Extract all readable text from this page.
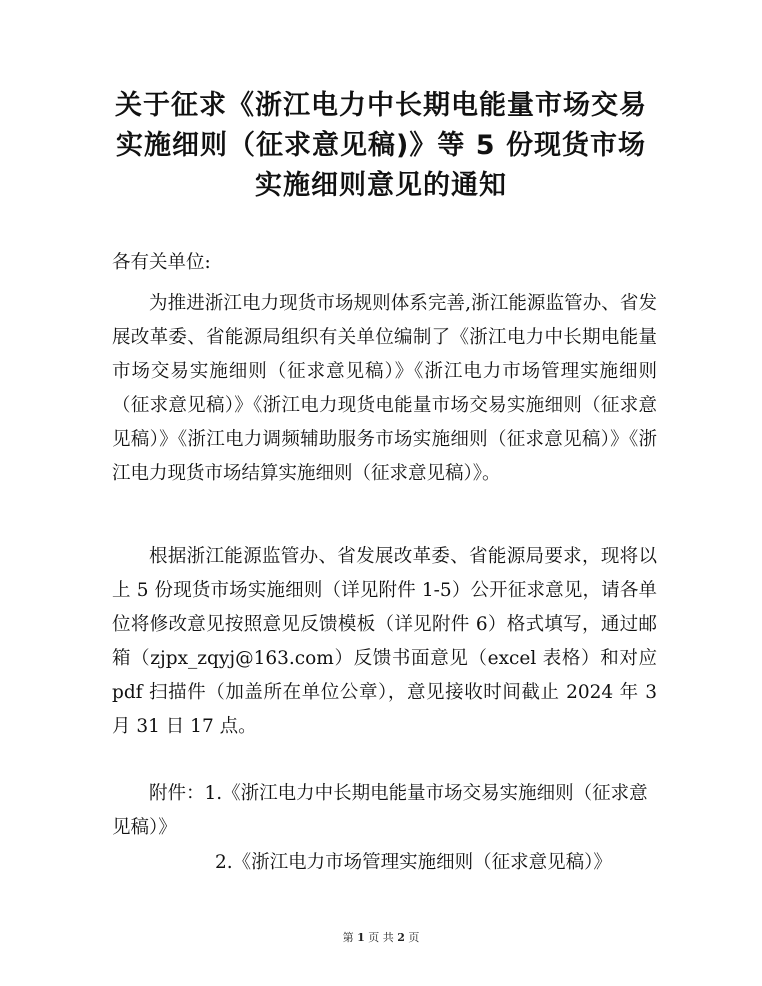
关于征求《浙江电力中长期电能量市场交易
实施细则（征求意见稿)》等 5 份现货市场
实施细则意见的通知
各有关单位:

为推进浙江电力现货市场规则体系完善,浙江能源监管办、省发展改革委、省能源局组织有关单位编制了《浙江电力中长期电能量市场交易实施细则（征求意见稿）》《浙江电力市场管理实施细则（征求意见稿）》《浙江电力现货电能量市场交易实施细则（征求意见稿）》《浙江电力调频辅助服务市场实施细则（征求意见稿）》《浙江电力现货市场结算实施细则（征求意见稿）》。

根据浙江能源监管办、省发展改革委、省能源局要求，现将以上 5 份现货市场实施细则（详见附件 1-5）公开征求意见，请各单位将修改意见按照意见反馈模板（详见附件 6）格式填写，通过邮箱（zjpx_zqyj@163.com）反馈书面意见（excel 表格）和对应 pdf 扫描件（加盖所在单位公章），意见接收时间截止 2024 年 3 月 31 日 17 点。

附件：1.《浙江电力中长期电能量市场交易实施细则（征求意见稿）》
2.《浙江电力市场管理实施细则（征求意见稿）》
第 1 页 共 2 页
